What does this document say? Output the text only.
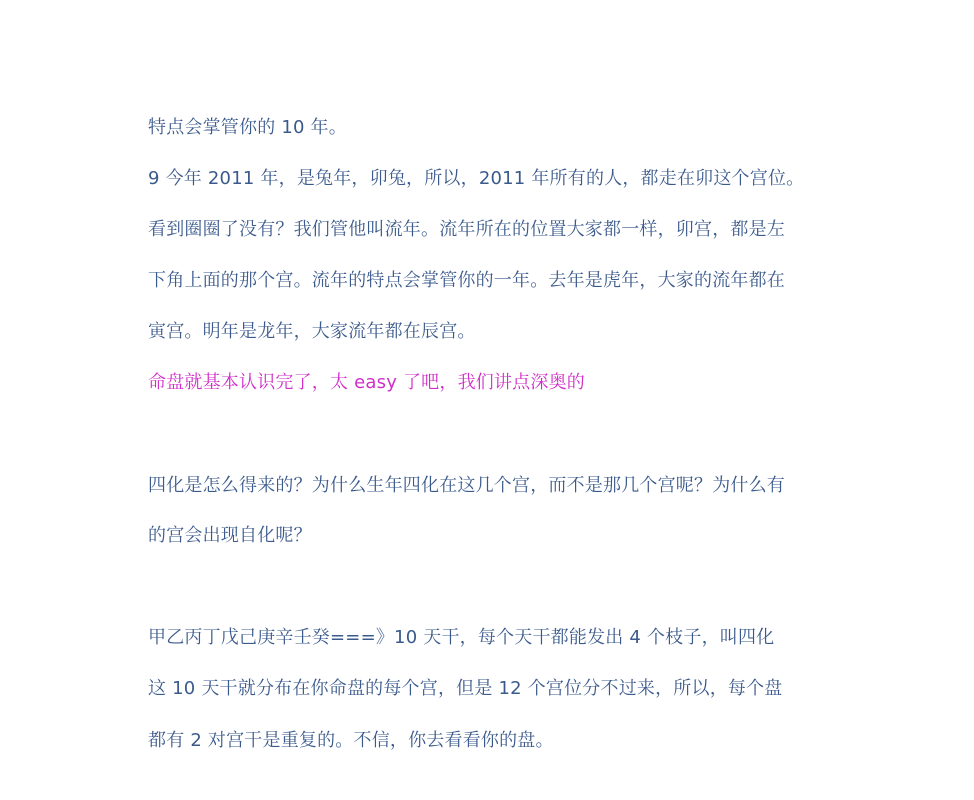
特点会掌管你的 10 年。
9 今年 2011 年，是兔年，卯兔，所以，2011 年所有的人，都走在卯这个宫位。
看到圈圈了没有？我们管他叫流年。流年所在的位置大家都一样，卯宫，都是左
下角上面的那个宫。流年的特点会掌管你的一年。去年是虎年，大家的流年都在
寅宫。明年是龙年，大家流年都在辰宫。
命盘就基本认识完了，太 easy 了吧，我们讲点深奥的
四化是怎么得来的？为什么生年四化在这几个宫，而不是那几个宫呢？为什么有
的宫会出现自化呢？
甲乙丙丁戊己庚辛壬癸===》10 天干，每个天干都能发出 4 个枝子，叫四化
这 10 天干就分布在你命盘的每个宫，但是 12 个宫位分不过来，所以，每个盘
都有 2 对宫干是重复的。不信，你去看看你的盘。
